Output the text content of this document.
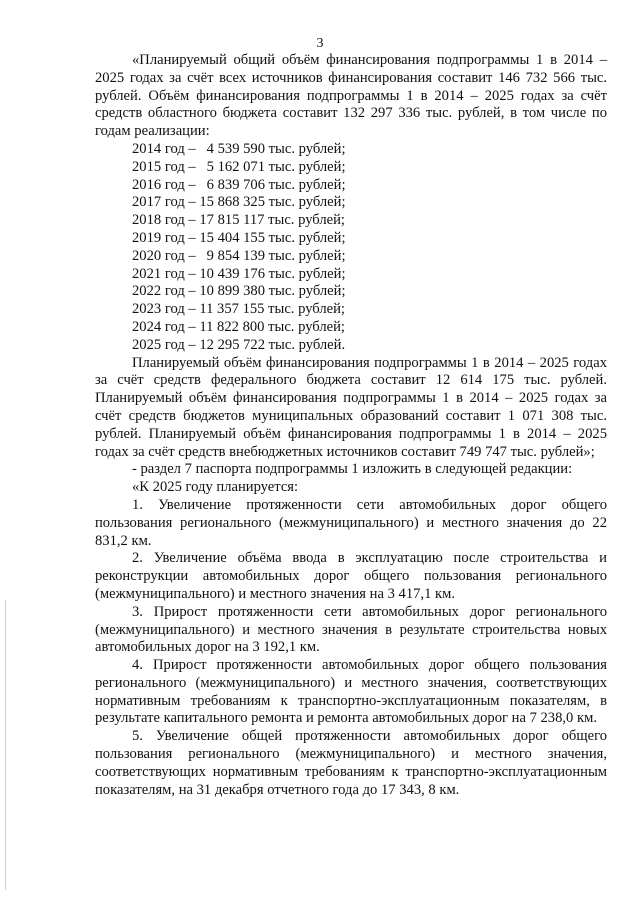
3

«Планируемый общий объём финансирования подпрограммы 1 в 2014 – 2025 годах за счёт всех источников финансирования составит 146 732 566 тыс. рублей. Объём финансирования подпрограммы 1 в 2014 – 2025 годах за счёт средств областного бюджета составит 132 297 336 тыс. рублей, в том числе по годам реализации:

2014 год –   4 539 590 тыс. рублей;
2015 год –   5 162 071 тыс. рублей;
2016 год –   6 839 706 тыс. рублей;
2017 год – 15 868 325 тыс. рублей;
2018 год – 17 815 117 тыс. рублей;
2019 год – 15 404 155 тыс. рублей;
2020 год –   9 854 139 тыс. рублей;
2021 год – 10 439 176 тыс. рублей;
2022 год – 10 899 380 тыс. рублей;
2023 год – 11 357 155 тыс. рублей;
2024 год – 11 822 800 тыс. рублей;
2025 год – 12 295 722 тыс. рублей.

Планируемый объём финансирования подпрограммы 1 в 2014 – 2025 годах за счёт средств федерального бюджета составит 12 614 175 тыс. рублей. Планируемый объём финансирования подпрограммы 1 в 2014 – 2025 годах за счёт средств бюджетов муниципальных образований составит 1 071 308 тыс. рублей. Планируемый объём финансирования подпрограммы 1 в 2014 – 2025 годах за счёт средств внебюджетных источников составит 749 747 тыс. рублей»;

- раздел 7 паспорта подпрограммы 1 изложить в следующей редакции:

«К 2025 году планируется:

1. Увеличение протяженности сети автомобильных дорог общего пользования регионального (межмуниципального) и местного значения до 22 831,2 км.

2. Увеличение объёма ввода в эксплуатацию после строительства и реконструкции автомобильных дорог общего пользования регионального (межмуниципального) и местного значения на 3 417,1 км.

3. Прирост протяженности сети автомобильных дорог регионального (межмуниципального) и местного значения в результате строительства новых автомобильных дорог на 3 192,1 км.

4. Прирост протяженности автомобильных дорог общего пользования регионального (межмуниципального) и местного значения, соответствующих нормативным требованиям к транспортно-эксплуатационным показателям, в результате капитального ремонта и ремонта автомобильных дорог на 7 238,0 км.

5. Увеличение общей протяженности автомобильных дорог общего пользования регионального (межмуниципального) и местного значения, соответствующих нормативным требованиям к транспортно-эксплуатационным показателям, на 31 декабря отчетного года до 17 343, 8 км.
